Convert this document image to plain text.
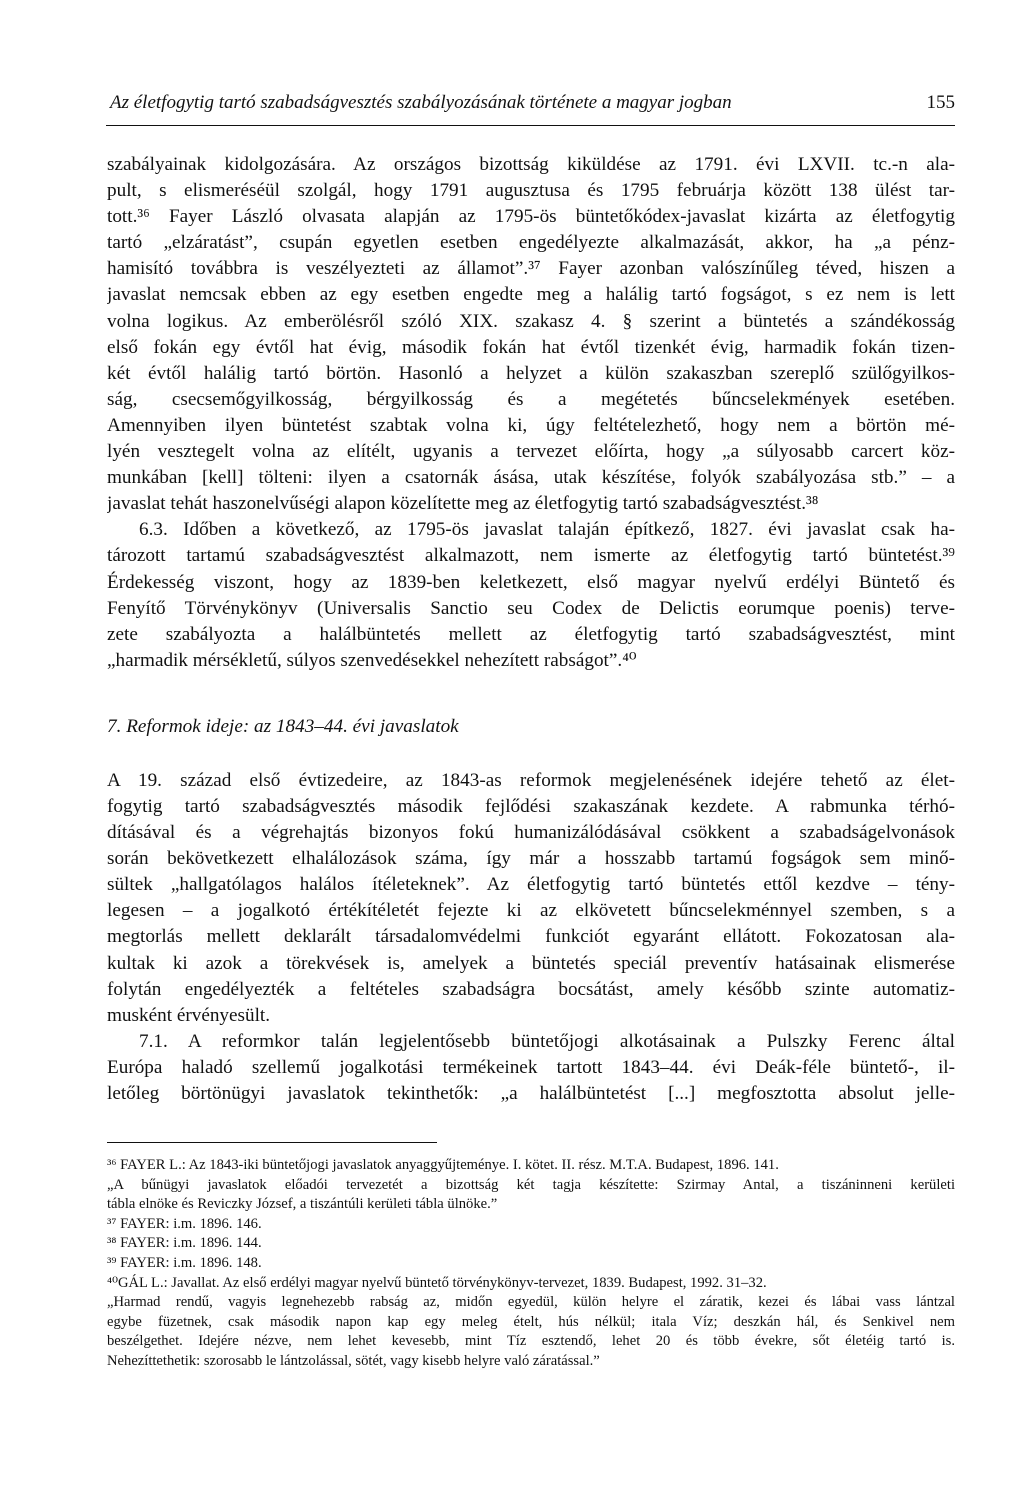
Az életfogytig tartó szabadságvesztés szabályozásának története a magyar jogban	155
szabályainak kidolgozására. Az országos bizottság kiküldése az 1791. évi LXVII. tc.-n ala-
pult, s elismeréséül szolgál, hogy 1791 augusztusa és 1795 februárja között 138 ülést tar-
tott.³⁶ Fayer László olvasata alapján az 1795-ös büntetőkódex-javaslat kizárta az életfogytig
tartó „elzáratást”, csupán egyetlen esetben engedélyezte alkalmazását, akkor, ha „a pénz-
hamisító továbbra is veszélyezteti az államot”.³⁷ Fayer azonban valószínűleg téved, hiszen a
javaslat nemcsak ebben az egy esetben engedte meg a halálig tartó fogságot, s ez nem is lett
volna logikus. Az emberölésről szóló XIX. szakasz 4. § szerint a büntetés a szándékosság
első fokán egy évtől hat évig, második fokán hat évtől tizenkét évig, harmadik fokán tizen-
két évtől halálig tartó börtön. Hasonló a helyzet a külön szakaszban szereplő szülőgyilkos-
ság, csecsemőgyilkosság, bérgyilkosság és a megétetés bűncselekmények esetében.
Amennyiben ilyen büntetést szabtak volna ki, úgy feltételezhető, hogy nem a börtön mé-
lyén vesztegelt volna az elítélt, ugyanis a tervezet előírta, hogy „a súlyosabb carcert köz-
munkában [kell] tölteni: ilyen a csatornák ásása, utak készítése, folyók szabályozása stb.” – a
javaslat tehát haszonelvűségi alapon közelítette meg az életfogytig tartó szabadságvesztést.³⁸
6.3. Időben a következő, az 1795-ös javaslat talaján építkező, 1827. évi javaslat csak ha-
tározott tartamú szabadságvesztést alkalmazott, nem ismerte az életfogytig tartó büntetést.³⁹
Érdekesség viszont, hogy az 1839-ben keletkezett, első magyar nyelvű erdélyi Büntető és
Fenyítő Törvénykönyv (Universalis Sanctio seu Codex de Delictis eorumque poenis) terve-
zete szabályozta a halálbüntetés mellett az életfogytig tartó szabadságvesztést, mint
„harmadik mérsékletű, súlyos szenvedésekkel nehezített rabságot”.⁴⁰
7. Reformok ideje: az 1843–44. évi javaslatok
A 19. század első évtizedeire, az 1843-as reformok megjelenésének idejére tehető az élet-
fogytig tartó szabadságvesztés második fejlődési szakaszának kezdete. A rabmunka térhó-
dításával és a végrehajtás bizonyos fokú humanizálódásával csökkent a szabadságelvonások
során bekövetkezett elhalálozások száma, így már a hosszabb tartamú fogságok sem minő-
sültek „hallgatólagos halálos ítéleteknek”. Az életfogytig tartó büntetés ettől kezdve – tény-
legesen – a jogalkotó értékítéletét fejezte ki az elkövetett bűncselekménnyel szemben, s a
megtorlás mellett deklarált társadalomvédelmi funkciót egyaránt ellátott. Fokozatosan ala-
kultak ki azok a törekvések is, amelyek a büntetés speciál preventív hatásainak elismerése
folytán engedélyezték a feltételes szabadságra bocsátást, amely később szinte automatiz-
musként érvényesült.
7.1. A reformkor talán legjelentősebb büntetőjogi alkotásainak a Pulszky Ferenc által
Európa haladó szellemű jogalkotási termékeinek tartott 1843–44. évi Deák-féle büntető-, il-
letőleg börtönügyi javaslatok tekinthetők: „a halálbüntetést [...] megfosztotta absolut jelle-
³⁶ FAYER L.: Az 1843-iki büntetőjogi javaslatok anyaggyűjteménye. I. kötet. II. rész. M.T.A. Budapest, 1896. 141.
„A bűnügyi javaslatok előadói tervezetét a bizottság két tagja készítette: Szirmay Antal, a tiszáninneni kerületi
tábla elnöke és Reviczky József, a tiszántúli kerületi tábla ülnöke.”
³⁷ FAYER: i.m. 1896. 146.
³⁸ FAYER: i.m. 1896. 144.
³⁹ FAYER: i.m. 1896. 148.
⁴⁰GÁL L.: Javallat. Az első erdélyi magyar nyelvű büntető törvénykönyv-tervezet, 1839. Budapest, 1992. 31–32.
„Harmad rendű, vagyis legnehezebb rabság az, midőn egyedül, külön helyre el záratik, kezei és lábai vass lántzal
egybe füzetnek, csak második napon kap egy meleg ételt, hús nélkül; itala Víz; deszkán hál, és Senkivel nem
beszélgethet. Idejére nézve, nem lehet kevesebb, mint Tíz esztendő, lehet 20 és több évekre, sőt életéig tartó is.
Nehezíttethetik: szorosabb le lántzolással, sötét, vagy kisebb helyre való záratással.”
